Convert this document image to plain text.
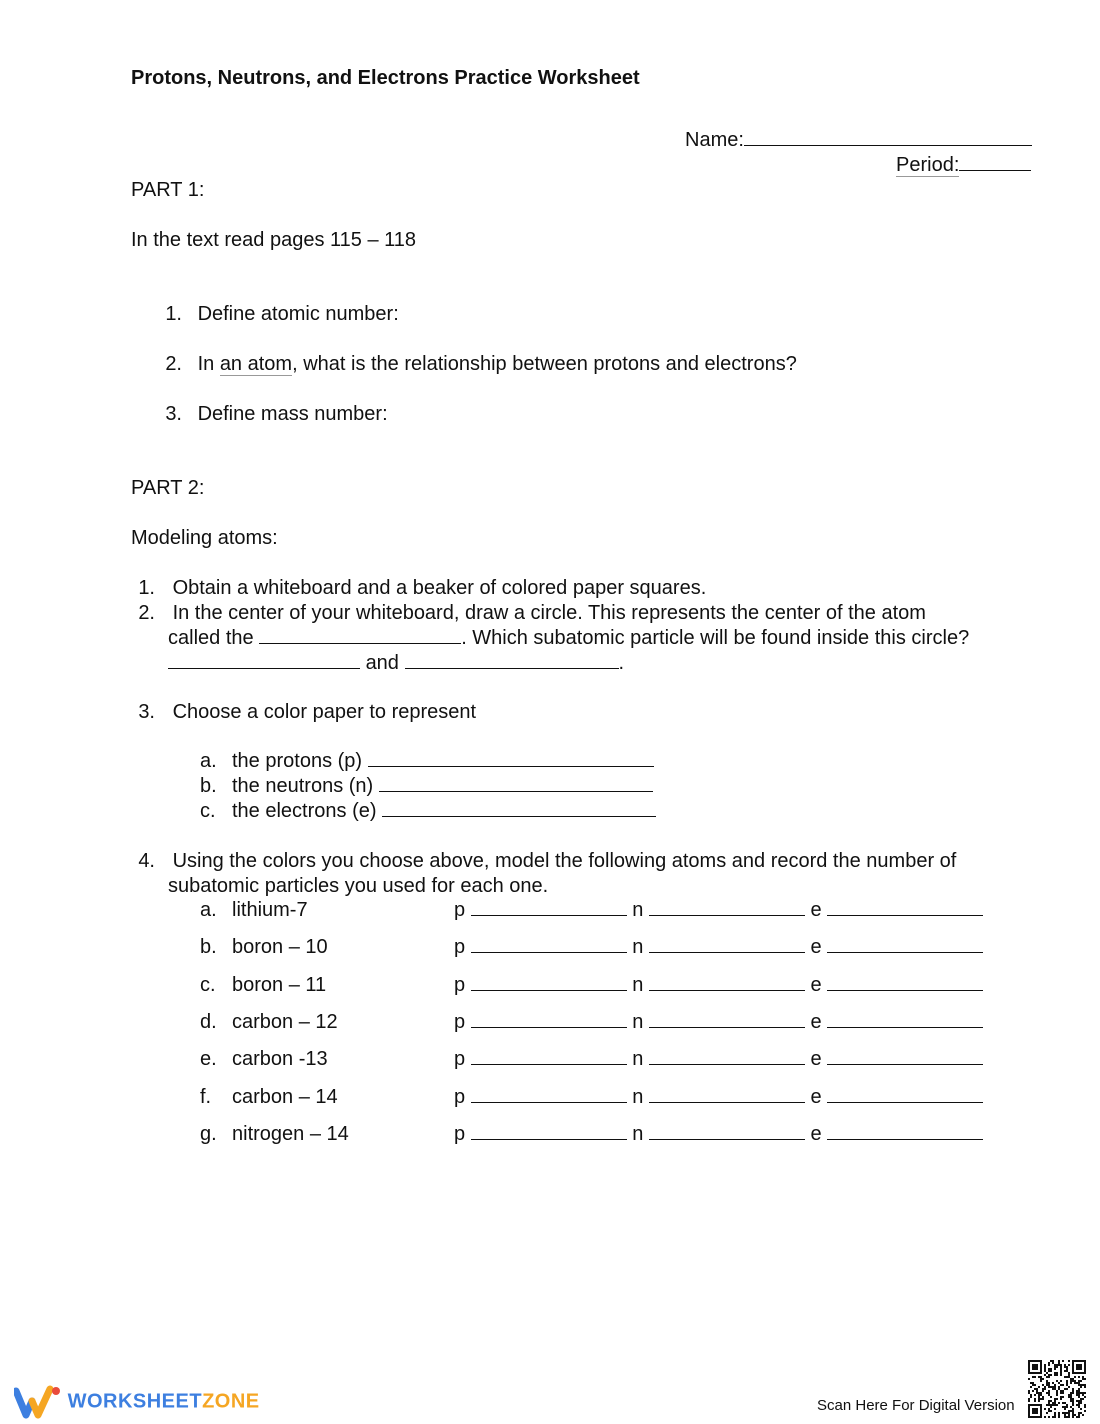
Protons, Neutrons, and Electrons Practice Worksheet
Name:
Period:
PART 1:
In the text read pages 115 – 118
1. Define atomic number:
2. In an atom, what is the relationship between protons and electrons?
3. Define mass number:
PART 2:
Modeling atoms:
1. Obtain a whiteboard and a beaker of colored paper squares.
2. In the center of your whiteboard, draw a circle. This represents the center of the atom
called the	. Which subatomic particle will be found inside this circle?
and	.
3. Choose a color paper to represent
a. the protons (p)
b. the neutrons (n)
c. the electrons (e)
4. Using the colors you choose above, model the following atoms and record the number of
subatomic particles you used for each one.
a. lithium-7	p	n	e
b. boron – 10	p	n	e
c. boron – 11	p	n	e
d. carbon – 12	p	n	e
e. carbon -13	p	n	e
f. carbon – 14	p	n	e
g. nitrogen – 14	p	n	e
WORKSHEETZONE	Scan Here For Digital Version
